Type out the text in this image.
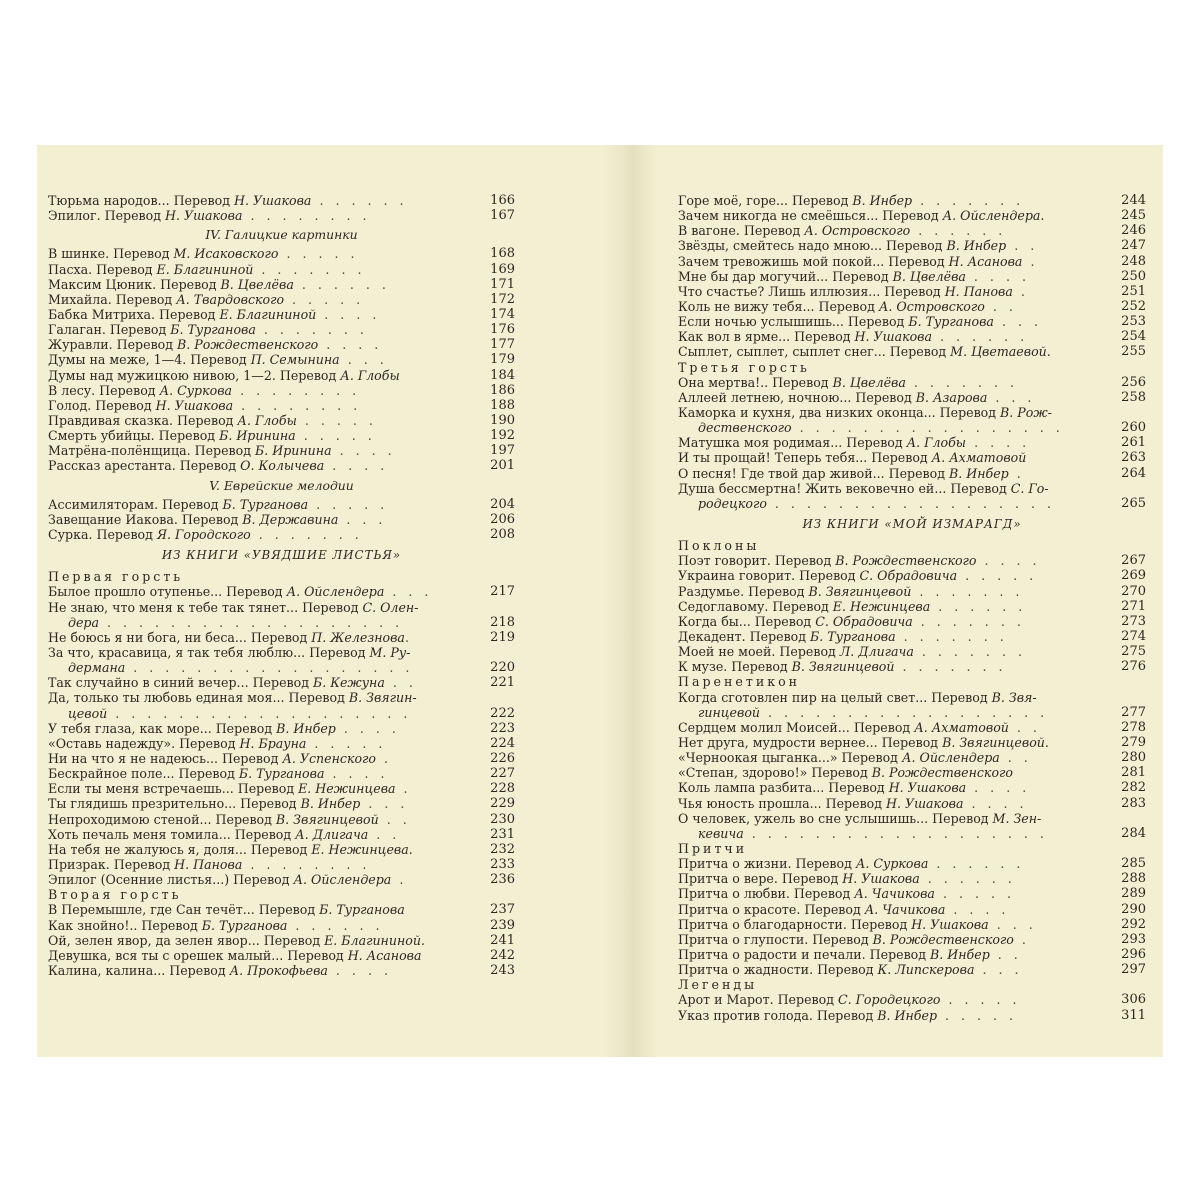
Тюрьма народов... Перевод Н. Ушакова . . . . . .	166
Эпилог. Перевод Н. Ушакова . . . . . . . .	167
IV. Галицкие картинки
В шинке. Перевод М. Исаковского . . . . .	168
Пасха. Перевод Е. Благининой . . . . . . .	169
Максим Цюник. Перевод В. Цвелёва . . . . . .	171
Михайла. Перевод А. Твардовского . . . . .	172
Бабка Митриха. Перевод Е. Благининой . . . .	174
Галаган. Перевод Б. Турганова . . . . . . .	176
Журавли. Перевод В. Рождественского . . . .	177
Думы на меже, 1—4. Перевод П. Семынина . . .	179
Думы над мужицкою нивою, 1—2. Перевод А. Глобы	184
В лесу. Перевод А. Суркова . . . . . . . .	186
Голод. Перевод Н. Ушакова . . . . . . . .	188
Правдивая сказка. Перевод А. Глобы . . . . .	190
Смерть убийцы. Перевод Б. Иринина . . . . .	192
Матрёна-полёнщица. Перевод Б. Иринина . . . .	197
Рассказ арестанта. Перевод О. Колычева . . . .	201
V. Еврейские мелодии
Ассимиляторам. Перевод Б. Турганова . . . . .	204
Завещание Иакова. Перевод В. Державина . . .	206
Сурка. Перевод Я. Городского . . . . . . .	208
ИЗ КНИГИ «УВЯДШИЕ ЛИСТЬЯ»
Первая горсть
Былое прошло отупенье... Перевод А. Ойслендера . . .	217
Не знаю, что меня к тебе так тянет... Перевод С. Олен-
дера . . . . . . . . . . . . . . . . . . .	218
Не боюсь я ни бога, ни беса... Перевод П. Железнова.	219
За что, красавица, я так тебя люблю... Перевод М. Ру-
дермана . . . . . . . . . . . . . . . . . .	220
Так случайно в синий вечер... Перевод Б. Кежуна . .	221
Да, только ты любовь единая моя... Перевод В. Звягин-
цевой . . . . . . . . . . . . . . . . . . .	222
У тебя глаза, как море... Перевод В. Инбер . . . .	223
«Оставь надежду». Перевод Н. Брауна . . . . .	224
Ни на что я не надеюсь... Перевод А. Успенского .	226
Бескрайное поле... Перевод Б. Турганова . . . .	227
Если ты меня встречаешь... Перевод Е. Нежинцева .	228
Ты глядишь презрительно... Перевод В. Инбер . . .	229
Непроходимою стеной... Перевод В. Звягинцевой . .	230
Хоть печаль меня томила... Перевод А. Длигача . .	231
На тебя не жалуюсь я, доля... Перевод Е. Нежинцева.	232
Призрак. Перевод Н. Панова . . . . . . . .	233
Эпилог (Осенние листья...) Перевод А. Ойслендера .	236
Вторая горсть
В Перемышле, где Сан течёт... Перевод Б. Турганова	237
Как знойно!.. Перевод Б. Турганова . . . . . .	239
Ой, зелен явор, да зелен явор... Перевод Е. Благининой.	241
Девушка, вся ты с орешек малый... Перевод Н. Асанова	242
Калина, калина... Перевод А. Прокофьева . . . .	243
Горе моё, горе... Перевод В. Инбер . . . . . . .	244
Зачем никогда не смеёшься... Перевод А. Ойслендера.	245
В вагоне. Перевод А. Островского . . . . . .	246
Звёзды, смейтесь надо мною... Перевод В. Инбер . .	247
Зачем тревожишь мой покой... Перевод Н. Асанова .	248
Мне бы дар могучий... Перевод В. Цвелёва . . . .	250
Что счастье? Лишь иллюзия... Перевод Н. Панова .	251
Коль не вижу тебя... Перевод А. Островского . .	252
Если ночью услышишь... Перевод Б. Турганова . . .	253
Как вол в ярме... Перевод Н. Ушакова . . . . . .	254
Сыплет, сыплет, сыплет снег... Перевод М. Цветаевой.	255
Третья горсть
Она мертва!.. Перевод В. Цвелёва . . . . . . .	256
Аллеей летнею, ночною... Перевод В. Азарова . . .	258
Каморка и кухня, два низких оконца... Перевод В. Рож-
дественского . . . . . . . . . . . . . . . . .	260
Матушка моя родимая... Перевод А. Глобы . . . .	261
И ты прощай! Теперь тебя... Перевод А. Ахматовой	263
О песня! Где твой дар живой... Перевод В. Инбер .	264
Душа бессмертна! Жить вековечно ей... Перевод С. Го-
родецкого . . . . . . . . . . . . . . . . . .	265
ИЗ КНИГИ «МОЙ ИЗМАРАГД»
Поклоны
Поэт говорит. Перевод В. Рождественского . . . .	267
Украина говорит. Перевод С. Обрадовича . . . . .	269
Раздумье. Перевод В. Звягинцевой . . . . . . .	270
Седоглавому. Перевод Е. Нежинцева . . . . . .	271
Когда бы... Перевод С. Обрадовича . . . . . . .	273
Декадент. Перевод Б. Турганова . . . . . . .	274
Моей не моей. Перевод Л. Длигача . . . . . . .	275
К музе. Перевод В. Звягинцевой . . . . . . .	276
Паренетикон
Когда сготовлен пир на целый свет... Перевод В. Звя-
гинцевой . . . . . . . . . . . . . . . . . .	277
Сердцем молил Моисей... Перевод А. Ахматовой . .	278
Нет друга, мудрости вернее... Перевод В. Звягинцевой.	279
«Черноокая цыганка...» Перевод А. Ойслендера . .	280
«Степан, здорово!» Перевод В. Рождественского	281
Коль лампа разбита... Перевод Н. Ушакова . . . .	282
Чья юность прошла... Перевод Н. Ушакова . . . .	283
О человек, ужель во сне услышишь... Перевод М. Зен-
кевича . . . . . . . . . . . . . . . . . . .	284
Притчи
Притча о жизни. Перевод А. Суркова . . . . . .	285
Притча о вере. Перевод Н. Ушакова . . . . . .	288
Притча о любви. Перевод А. Чачикова . . . . .	289
Притча о красоте. Перевод А. Чачикова . . . .	290
Притча о благодарности. Перевод Н. Ушакова . . .	292
Притча о глупости. Перевод В. Рождественского .	293
Притча о радости и печали. Перевод В. Инбер . .	296
Притча о жадности. Перевод К. Липскерова . . .	297
Легенды
Арот и Марот. Перевод С. Городецкого . . . . .	306
Указ против голода. Перевод В. Инбер . . . . .	311
